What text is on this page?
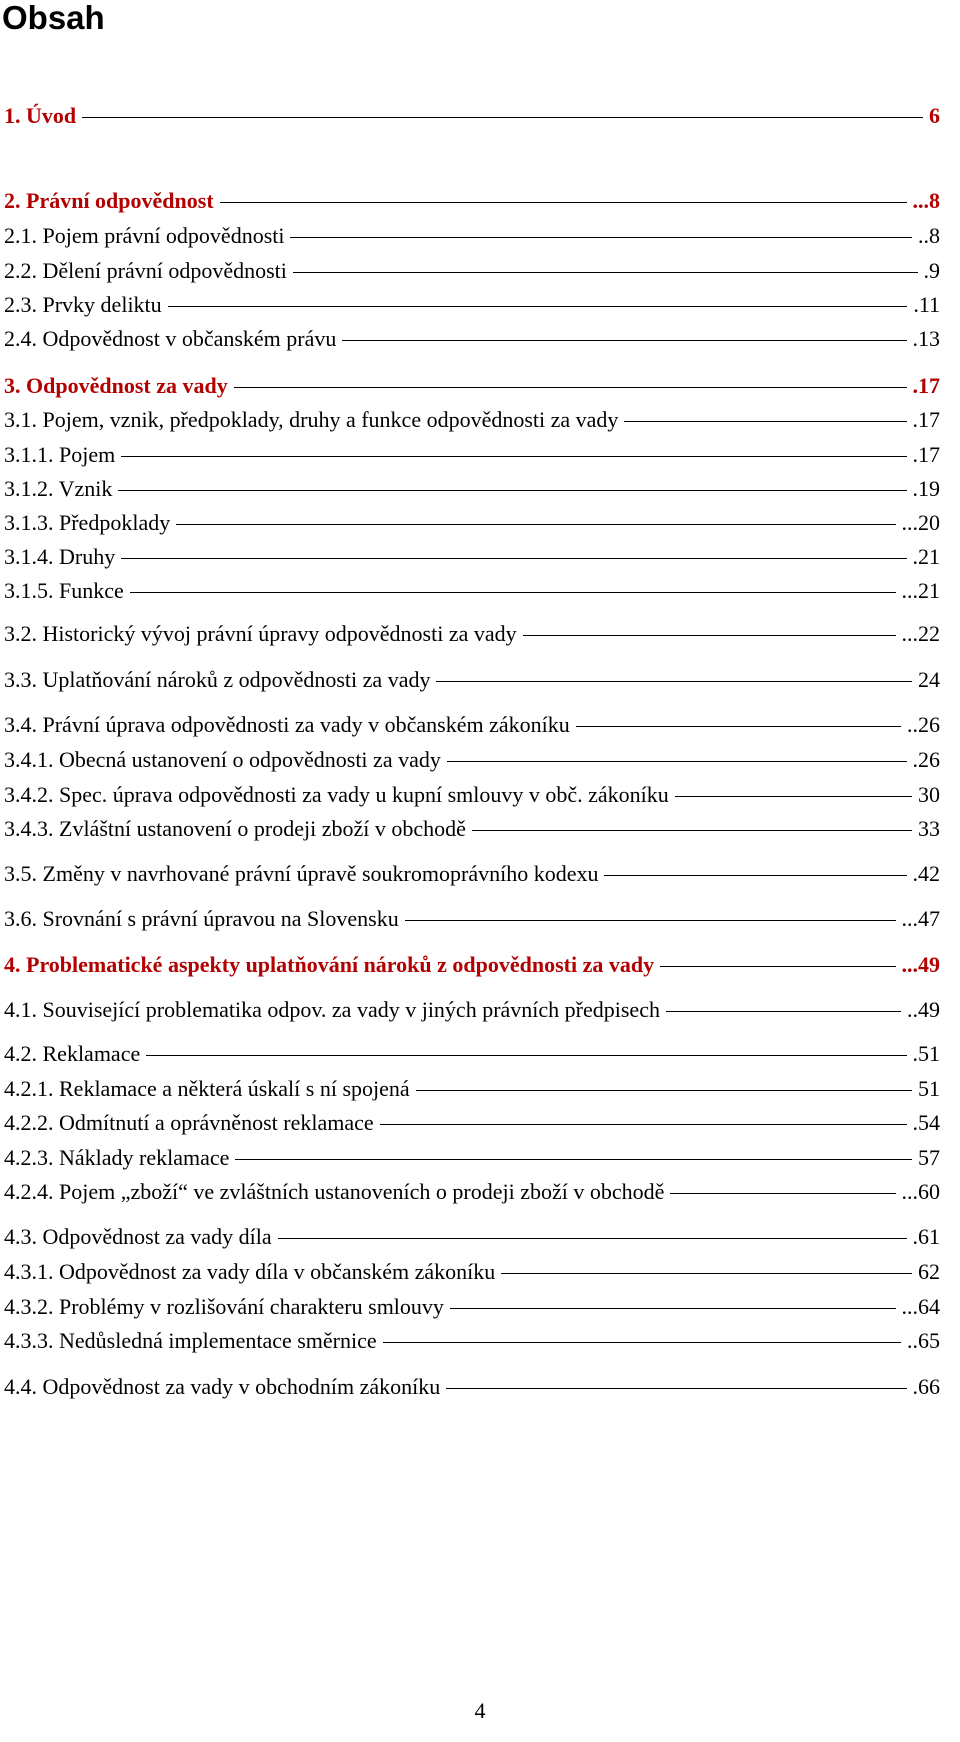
Obsah
1. Úvod	6
2. Právní odpovědnost	... 8
2.1. Pojem právní odpovědnosti	.. 8
2.2. Dělení právní odpovědnosti	. 9
2.3. Prvky deliktu	. 11
2.4. Odpovědnost v občanském právu	. 13
3. Odpovědnost za vady	. 17
3.1. Pojem, vznik, předpoklady, druhy a funkce odpovědnosti za vady	. 17
3.1.1. Pojem	. 17
3.1.2. Vznik	. 19
3.1.3. Předpoklady	... 20
3.1.4. Druhy	. 21
3.1.5. Funkce	... 21
3.2. Historický vývoj právní úpravy odpovědnosti za vady	... 22
3.3. Uplatňování nároků z odpovědnosti za vady	24
3.4. Právní úprava odpovědnosti za vady v občanském zákoníku	.. 26
3.4.1. Obecná ustanovení o odpovědnosti za vady	. 26
3.4.2. Spec. úprava odpovědnosti za vady u kupní smlouvy v obč. zákoníku	30
3.4.3. Zvláštní ustanovení o prodeji zboží v obchodě	33
3.5. Změny v navrhované právní úpravě soukromoprávního kodexu	. 42
3.6. Srovnání s právní úpravou na Slovensku	... 47
4. Problematické aspekty uplatňování nároků z odpovědnosti za vady	... 49
4.1. Související problematika odpov. za vady v jiných právních předpisech	.. 49
4.2. Reklamace	. 51
4.2.1. Reklamace a některá úskalí s ní spojená	51
4.2.2. Odmítnutí a oprávněnost reklamace	. 54
4.2.3. Náklady reklamace	57
4.2.4. Pojem „zboží“ ve zvláštních ustanoveních o prodeji zboží v obchodě	... 60
4.3. Odpovědnost za vady díla	. 61
4.3.1. Odpovědnost za vady díla v občanském zákoníku	62
4.3.2. Problémy v rozlišování charakteru smlouvy	... 64
4.3.3. Nedůsledná implementace směrnice	.. 65
4.4. Odpovědnost za vady v obchodním zákoníku	. 66
4
